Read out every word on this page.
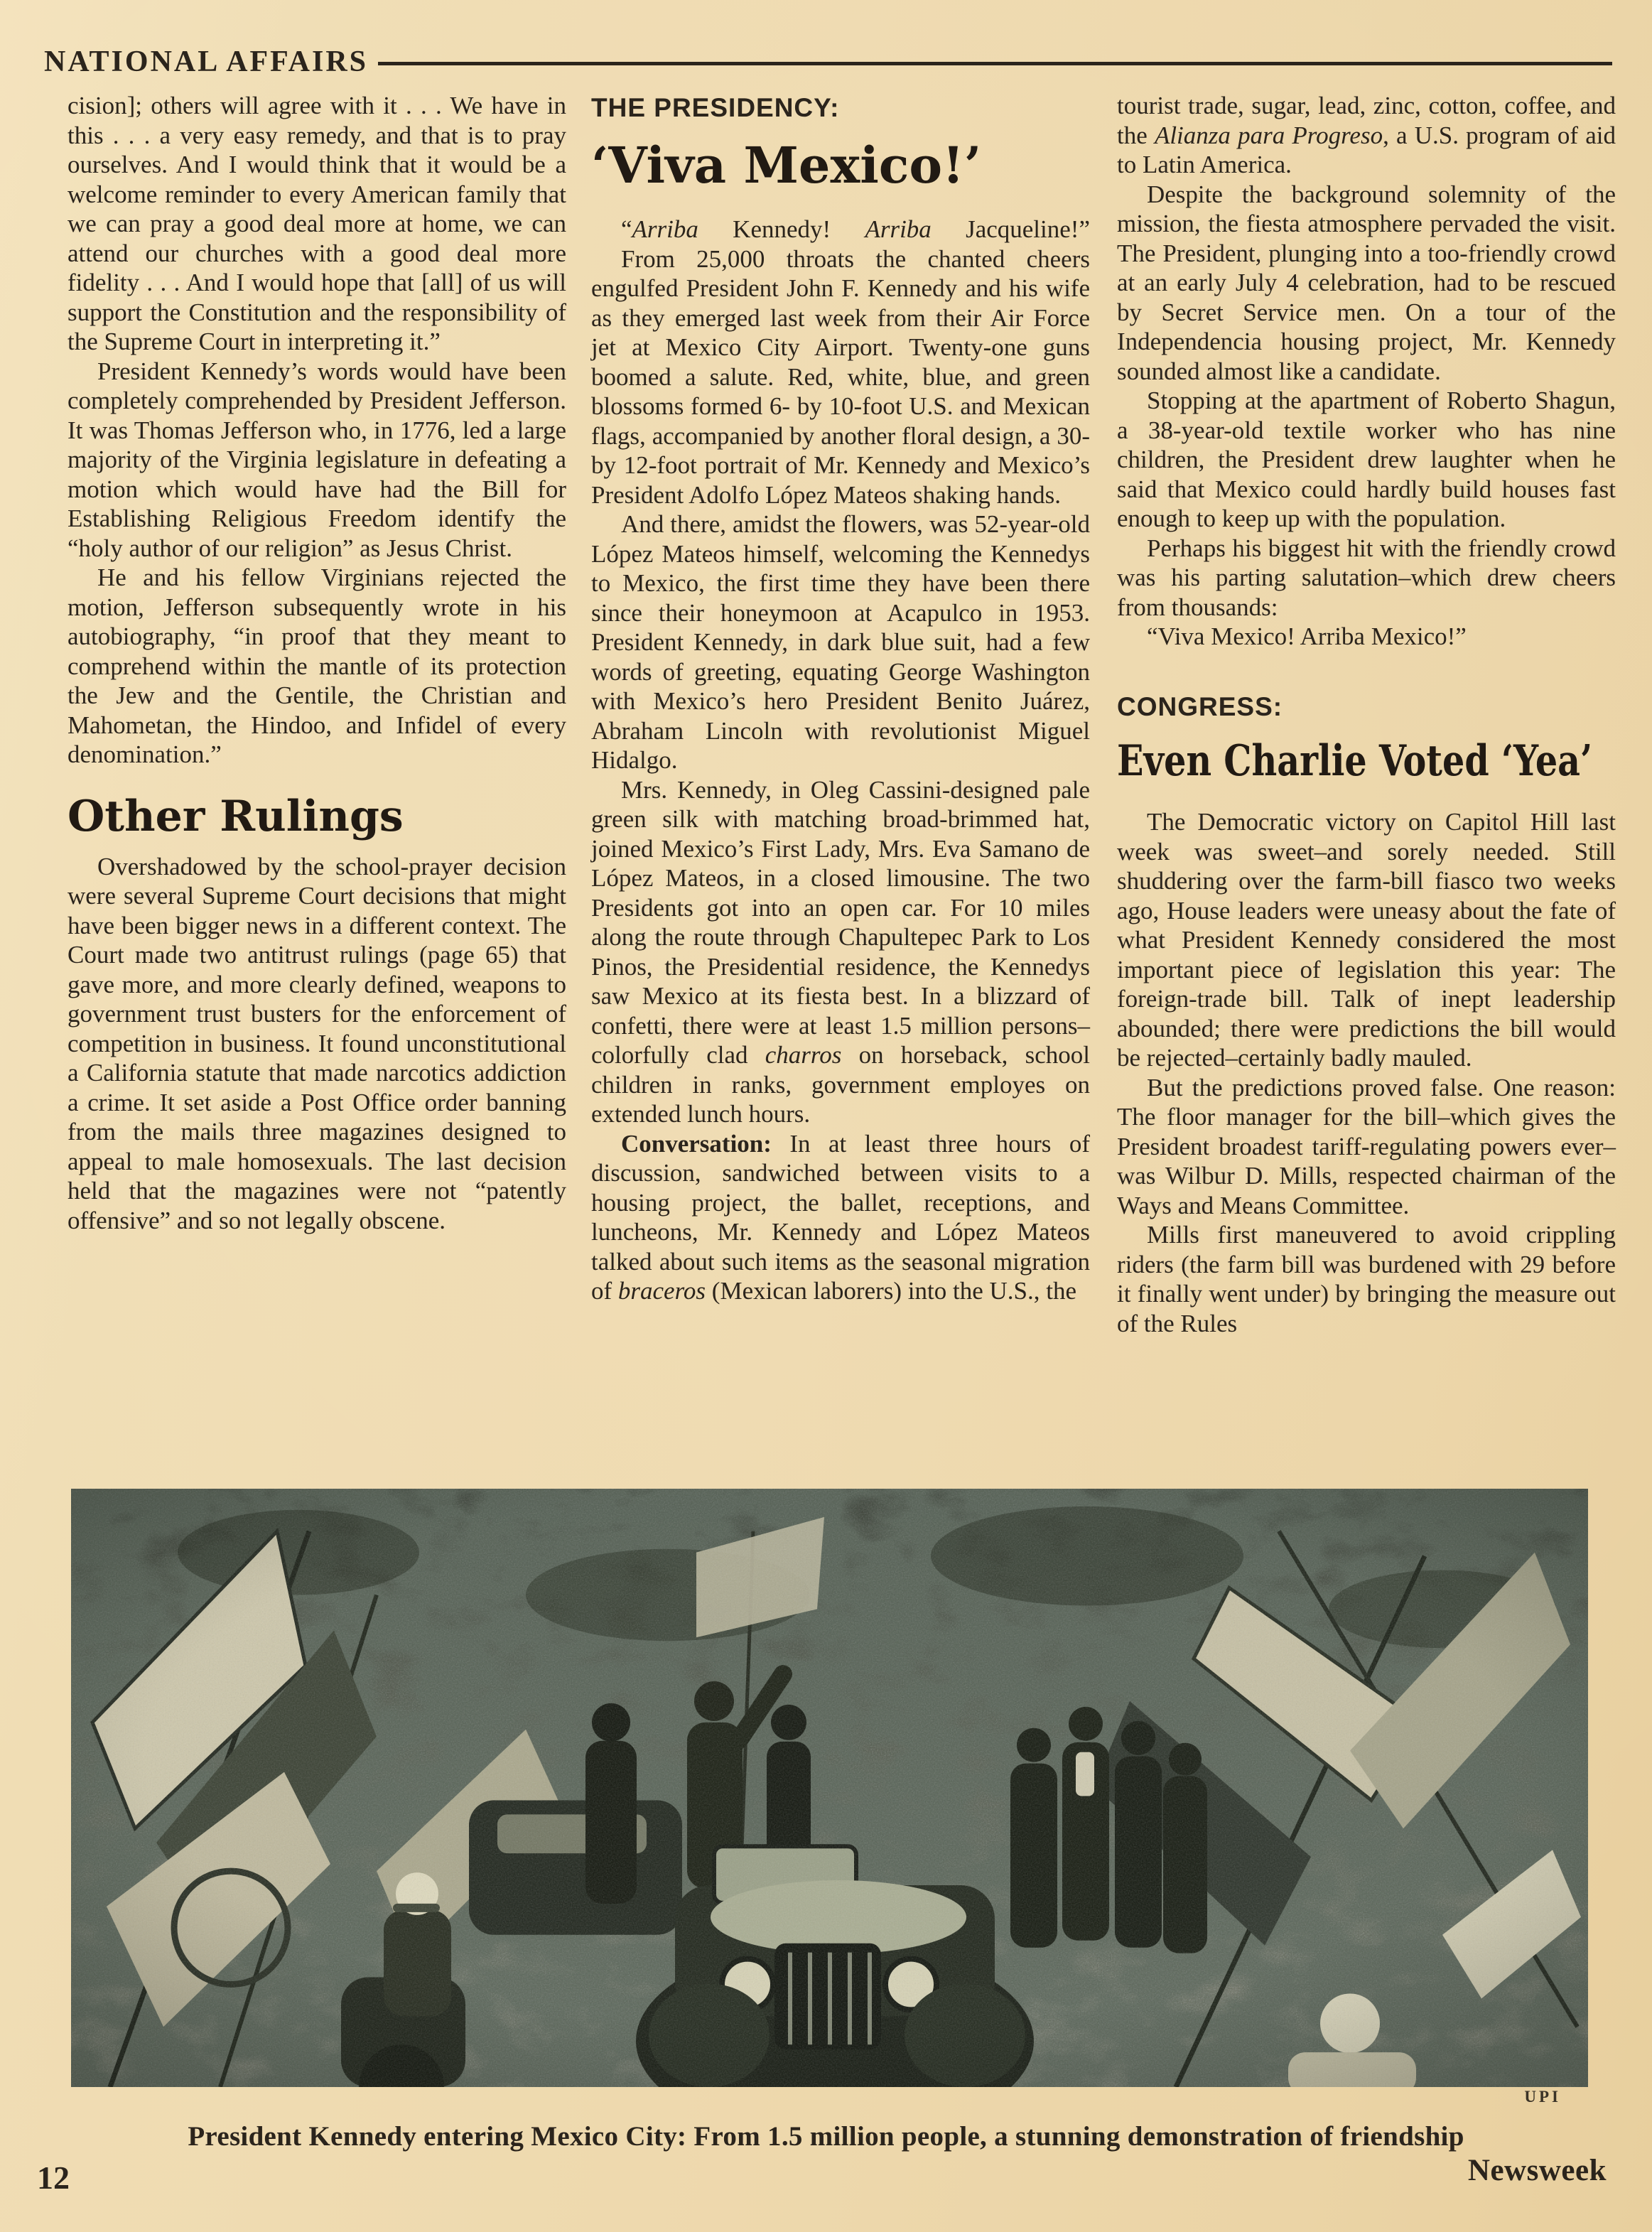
NATIONAL AFFAIRS

cision]; others will agree with it . . . We have in this . . . a very easy remedy, and that is to pray ourselves. And I would think that it would be a welcome reminder to every American family that we can pray a good deal more at home, we can attend our churches with a good deal more fidelity . . . And I would hope that [all] of us will support the Constitution and the responsibility of the Supreme Court in interpreting it.”

President Kennedy’s words would have been completely comprehended by President Jefferson. It was Thomas Jefferson who, in 1776, led a large majority of the Virginia legislature in defeating a motion which would have had the Bill for Establishing Religious Freedom identify the “holy author of our religion” as Jesus Christ.

He and his fellow Virginians rejected the motion, Jefferson subsequently wrote in his autobiography, “in proof that they meant to comprehend within the mantle of its protection the Jew and the Gentile, the Christian and Mahometan, the Hindoo, and Infidel of every denomination.”

Other Rulings

Overshadowed by the school-prayer decision were several Supreme Court decisions that might have been bigger news in a different context. The Court made two antitrust rulings (page 65) that gave more, and more clearly defined, weapons to government trust busters for the enforcement of competition in business. It found unconstitutional a California statute that made narcotics addiction a crime. It set aside a Post Office order banning from the mails three magazines designed to appeal to male homosexuals. The last decision held that the magazines were not “patently offensive” and so not legally obscene.

THE PRESIDENCY:
‘Viva Mexico!’

“Arriba Kennedy! Arriba Jacqueline!”

From 25,000 throats the chanted cheers engulfed President John F. Kennedy and his wife as they emerged last week from their Air Force jet at Mexico City Airport. Twenty-one guns boomed a salute. Red, white, blue, and green blossoms formed 6- by 10-foot U.S. and Mexican flags, accompanied by another floral design, a 30- by 12-foot portrait of Mr. Kennedy and Mexico’s President Adolfo López Mateos shaking hands.

And there, amidst the flowers, was 52-year-old López Mateos himself, welcoming the Kennedys to Mexico, the first time they have been there since their honeymoon at Acapulco in 1953. President Kennedy, in dark blue suit, had a few words of greeting, equating George Washington with Mexico’s hero President Benito Juárez, Abraham Lincoln with revolutionist Miguel Hidalgo.

Mrs. Kennedy, in Oleg Cassini-designed pale green silk with matching broad-brimmed hat, joined Mexico’s First Lady, Mrs. Eva Samano de López Mateos, in a closed limousine. The two Presidents got into an open car. For 10 miles along the route through Chapultepec Park to Los Pinos, the Presidential residence, the Kennedys saw Mexico at its fiesta best. In a blizzard of confetti, there were at least 1.5 million persons–colorfully clad charros on horseback, school children in ranks, government employes on extended lunch hours.

Conversation: In at least three hours of discussion, sandwiched between visits to a housing project, the ballet, receptions, and luncheons, Mr. Kennedy and López Mateos talked about such items as the seasonal migration of braceros (Mexican laborers) into the U.S., the

tourist trade, sugar, lead, zinc, cotton, coffee, and the Alianza para Progreso, a U.S. program of aid to Latin America.

Despite the background solemnity of the mission, the fiesta atmosphere pervaded the visit. The President, plunging into a too-friendly crowd at an early July 4 celebration, had to be rescued by Secret Service men. On a tour of the Independencia housing project, Mr. Kennedy sounded almost like a candidate.

Stopping at the apartment of Roberto Shagun, a 38-year-old textile worker who has nine children, the President drew laughter when he said that Mexico could hardly build houses fast enough to keep up with the population.

Perhaps his biggest hit with the friendly crowd was his parting salutation–which drew cheers from thousands:

“Viva Mexico! Arriba Mexico!”

CONGRESS:
Even Charlie Voted ‘Yea’

The Democratic victory on Capitol Hill last week was sweet–and sorely needed. Still shuddering over the farm-bill fiasco two weeks ago, House leaders were uneasy about the fate of what President Kennedy considered the most important piece of legislation this year: The foreign-trade bill. Talk of inept leadership abounded; there were predictions the bill would be rejected–certainly badly mauled.

But the predictions proved false. One reason: The floor manager for the bill–which gives the President broadest tariff-regulating powers ever–was Wilbur D. Mills, respected chairman of the Ways and Means Committee.

Mills first maneuvered to avoid crippling riders (the farm bill was burdened with 29 before it finally went under) by bringing the measure out of the Rules

UPI
President Kennedy entering Mexico City: From 1.5 million people, a stunning demonstration of friendship
12	Newsweek
